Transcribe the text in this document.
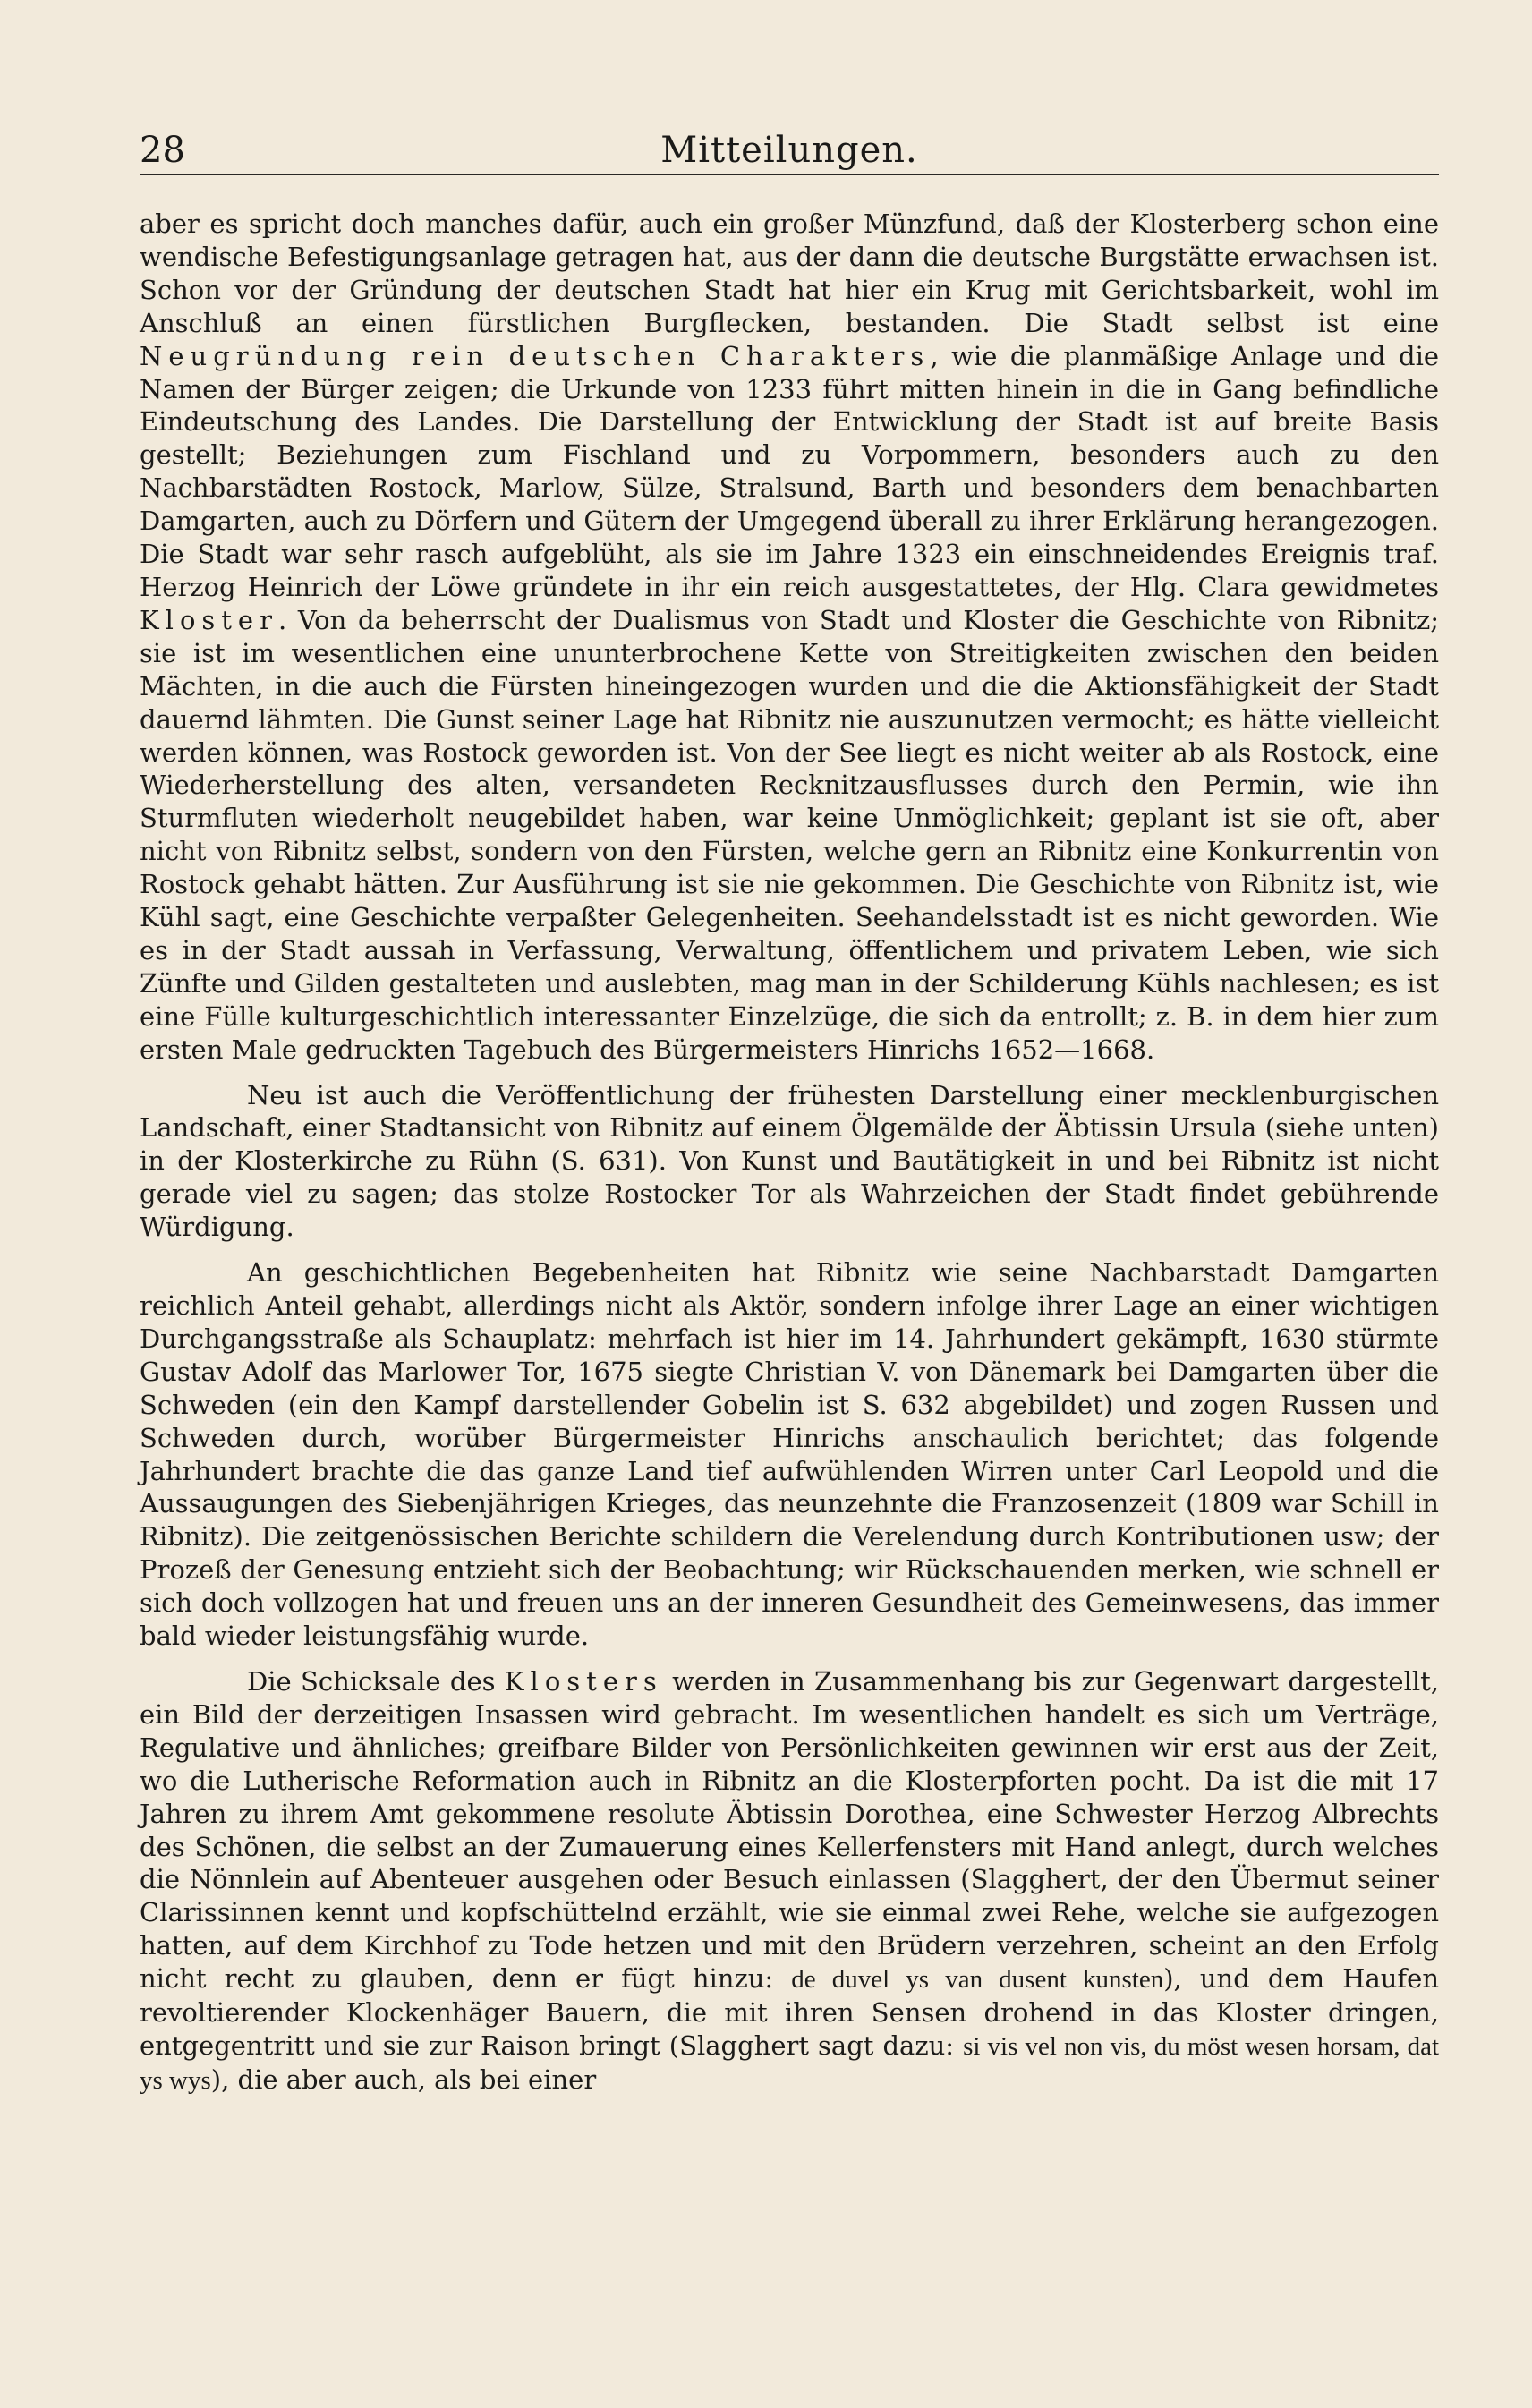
28	Mitteilungen.

aber es spricht doch manches dafür, auch ein großer Münzfund, daß der Klosterberg schon eine wendische Befestigungsanlage getragen hat, aus der dann die deutsche Burgstätte erwachsen ist. Schon vor der Gründung der deutschen Stadt hat hier ein Krug mit Gerichtsbarkeit, wohl im Anschluß an einen fürstlichen Burgflecken, bestanden. Die Stadt selbst ist eine Neugründung rein deutschen Charakters, wie die planmäßige Anlage und die Namen der Bürger zeigen; die Urkunde von 1233 führt mitten hinein in die in Gang befindliche Eindeutschung des Landes. Die Darstellung der Entwicklung der Stadt ist auf breite Basis gestellt; Beziehungen zum Fischland und zu Vorpommern, besonders auch zu den Nachbarstädten Rostock, Marlow, Sülze, Stralsund, Barth und besonders dem benachbarten Damgarten, auch zu Dörfern und Gütern der Umgegend überall zu ihrer Erklärung herangezogen. Die Stadt war sehr rasch aufgeblüht, als sie im Jahre 1323 ein einschneidendes Ereignis traf. Herzog Heinrich der Löwe gründete in ihr ein reich ausgestattetes, der Hlg. Clara gewidmetes Kloster. Von da beherrscht der Dualismus von Stadt und Kloster die Geschichte von Ribnitz; sie ist im wesentlichen eine ununterbrochene Kette von Streitigkeiten zwischen den beiden Mächten, in die auch die Fürsten hineingezogen wurden und die die Aktionsfähigkeit der Stadt dauernd lähmten. Die Gunst seiner Lage hat Ribnitz nie auszunutzen vermocht; es hätte vielleicht werden können, was Rostock geworden ist. Von der See liegt es nicht weiter ab als Rostock, eine Wiederherstellung des alten, versandeten Recknitzausflusses durch den Permin, wie ihn Sturmfluten wiederholt neugebildet haben, war keine Unmöglichkeit; geplant ist sie oft, aber nicht von Ribnitz selbst, sondern von den Fürsten, welche gern an Ribnitz eine Konkurrentin von Rostock gehabt hätten. Zur Ausführung ist sie nie gekommen. Die Geschichte von Ribnitz ist, wie Kühl sagt, eine Geschichte verpaßter Gelegenheiten. Seehandelsstadt ist es nicht geworden. Wie es in der Stadt aussah in Verfassung, Verwaltung, öffentlichem und privatem Leben, wie sich Zünfte und Gilden gestalteten und auslebten, mag man in der Schilderung Kühls nachlesen; es ist eine Fülle kulturgeschichtlich interessanter Einzelzüge, die sich da entrollt; z. B. in dem hier zum ersten Male gedruckten Tagebuch des Bürgermeisters Hinrichs 1652—1668.

Neu ist auch die Veröffentlichung der frühesten Darstellung einer mecklenburgischen Landschaft, einer Stadtansicht von Ribnitz auf einem Ölgemälde der Äbtissin Ursula (siehe unten) in der Klosterkirche zu Rühn (S. 631). Von Kunst und Bautätigkeit in und bei Ribnitz ist nicht gerade viel zu sagen; das stolze Rostocker Tor als Wahrzeichen der Stadt findet gebührende Würdigung.

An geschichtlichen Begebenheiten hat Ribnitz wie seine Nachbarstadt Damgarten reichlich Anteil gehabt, allerdings nicht als Aktör, sondern infolge ihrer Lage an einer wichtigen Durchgangsstraße als Schauplatz: mehrfach ist hier im 14. Jahrhundert gekämpft, 1630 stürmte Gustav Adolf das Marlower Tor, 1675 siegte Christian V. von Dänemark bei Damgarten über die Schweden (ein den Kampf darstellender Gobelin ist S. 632 abgebildet) und zogen Russen und Schweden durch, worüber Bürgermeister Hinrichs anschaulich berichtet; das folgende Jahrhundert brachte die das ganze Land tief aufwühlenden Wirren unter Carl Leopold und die Aussaugungen des Siebenjährigen Krieges, das neunzehnte die Franzosenzeit (1809 war Schill in Ribnitz). Die zeitgenössischen Berichte schildern die Verelendung durch Kontributionen usw; der Prozeß der Genesung entzieht sich der Beobachtung; wir Rückschauenden merken, wie schnell er sich doch vollzogen hat und freuen uns an der inneren Gesundheit des Gemeinwesens, das immer bald wieder leistungsfähig wurde.

Die Schicksale des Klosters werden in Zusammenhang bis zur Gegenwart dargestellt, ein Bild der derzeitigen Insassen wird gebracht. Im wesentlichen handelt es sich um Verträge, Regulative und ähnliches; greifbare Bilder von Persönlichkeiten gewinnen wir erst aus der Zeit, wo die Lutherische Reformation auch in Ribnitz an die Klosterpforten pocht. Da ist die mit 17 Jahren zu ihrem Amt gekommene resolute Äbtissin Dorothea, eine Schwester Herzog Albrechts des Schönen, die selbst an der Zumauerung eines Kellerfensters mit Hand anlegt, durch welches die Nönnlein auf Abenteuer ausgehen oder Besuch einlassen (Slagghert, der den Übermut seiner Clarissinnen kennt und kopfschüttelnd erzählt, wie sie einmal zwei Rehe, welche sie aufgezogen hatten, auf dem Kirchhof zu Tode hetzen und mit den Brüdern verzehren, scheint an den Erfolg nicht recht zu glauben, denn er fügt hinzu: de duvel ys van dusent kunsten), und dem Haufen revoltierender Klockenhäger Bauern, die mit ihren Sensen drohend in das Kloster dringen, entgegentritt und sie zur Raison bringt (Slagghert sagt dazu: si vis vel non vis, du möst wesen horsam, dat ys wys), die aber auch, als bei einer
